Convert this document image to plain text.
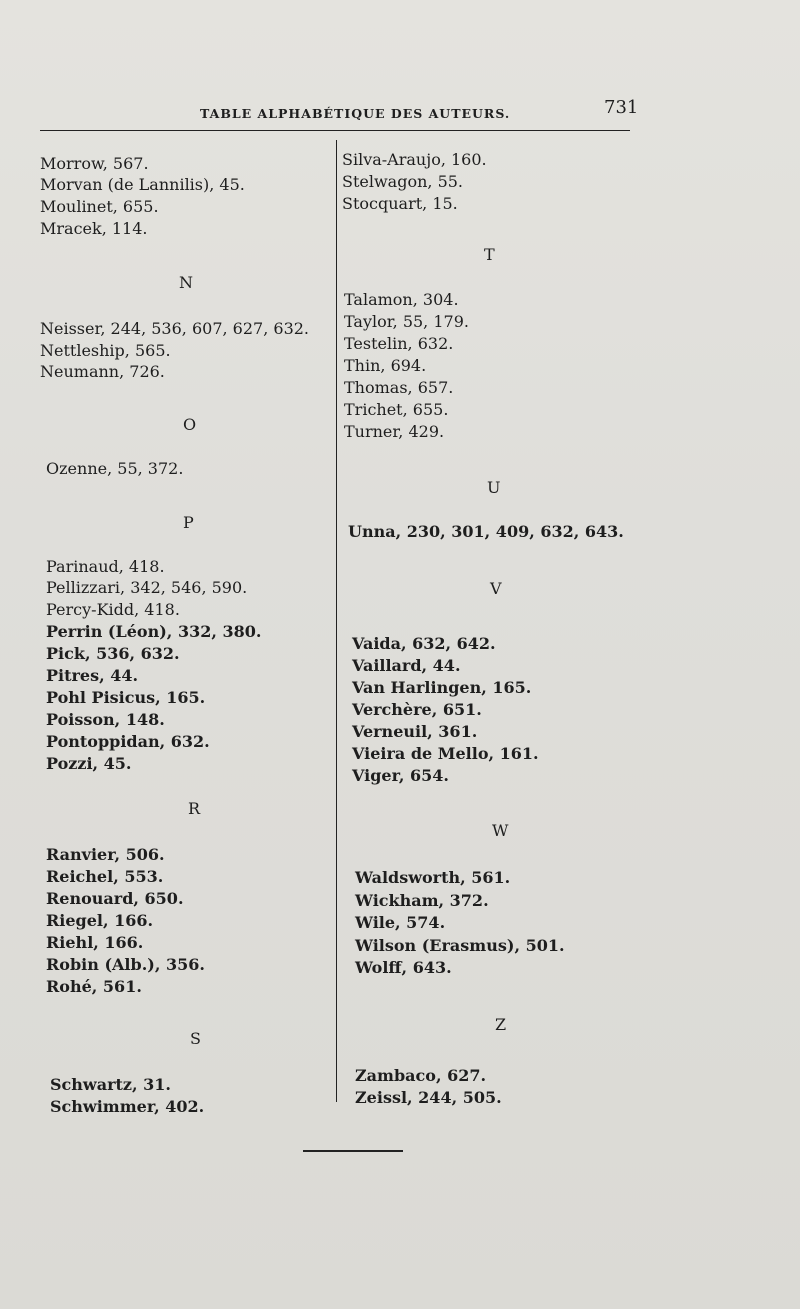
TABLE ALPHABÉTIQUE DES AUTEURS.	731
Morrow, 567.
Morvan (de Lannilis), 45.
Moulinet, 655.
Mracek, 114.
N
Neisser, 244, 536, 607, 627, 632.
Nettleship, 565.
Neumann, 726.
O
Ozenne, 55, 372.
P
Parinaud, 418.
Pellizzari, 342, 546, 590.
Percy-Kidd, 418.
Perrin (Léon), 332, 380.
Pick, 536, 632.
Pitres, 44.
Pohl Pisicus, 165.
Poisson, 148.
Pontoppidan, 632.
Pozzi, 45.
R
Ranvier, 506.
Reichel, 553.
Renouard, 650.
Riegel, 166.
Riehl, 166.
Robin (Alb.), 356.
Rohé, 561.
S
Schwartz, 31.
Schwimmer, 402.
Silva-Araujo, 160.
Stelwagon, 55.
Stocquart, 15.
T
Talamon, 304.
Taylor, 55, 179.
Testelin, 632.
Thin, 694.
Thomas, 657.
Trichet, 655.
Turner, 429.
U
Unna, 230, 301, 409, 632, 643.
V
Vaida, 632, 642.
Vaillard, 44.
Van Harlingen, 165.
Verchère, 651.
Verneuil, 361.
Vieira de Mello, 161.
Viger, 654.
W
Waldsworth, 561.
Wickham, 372.
Wile, 574.
Wilson (Erasmus), 501.
Wolff, 643.
Z
Zambaco, 627.
Zeissl, 244, 505.
